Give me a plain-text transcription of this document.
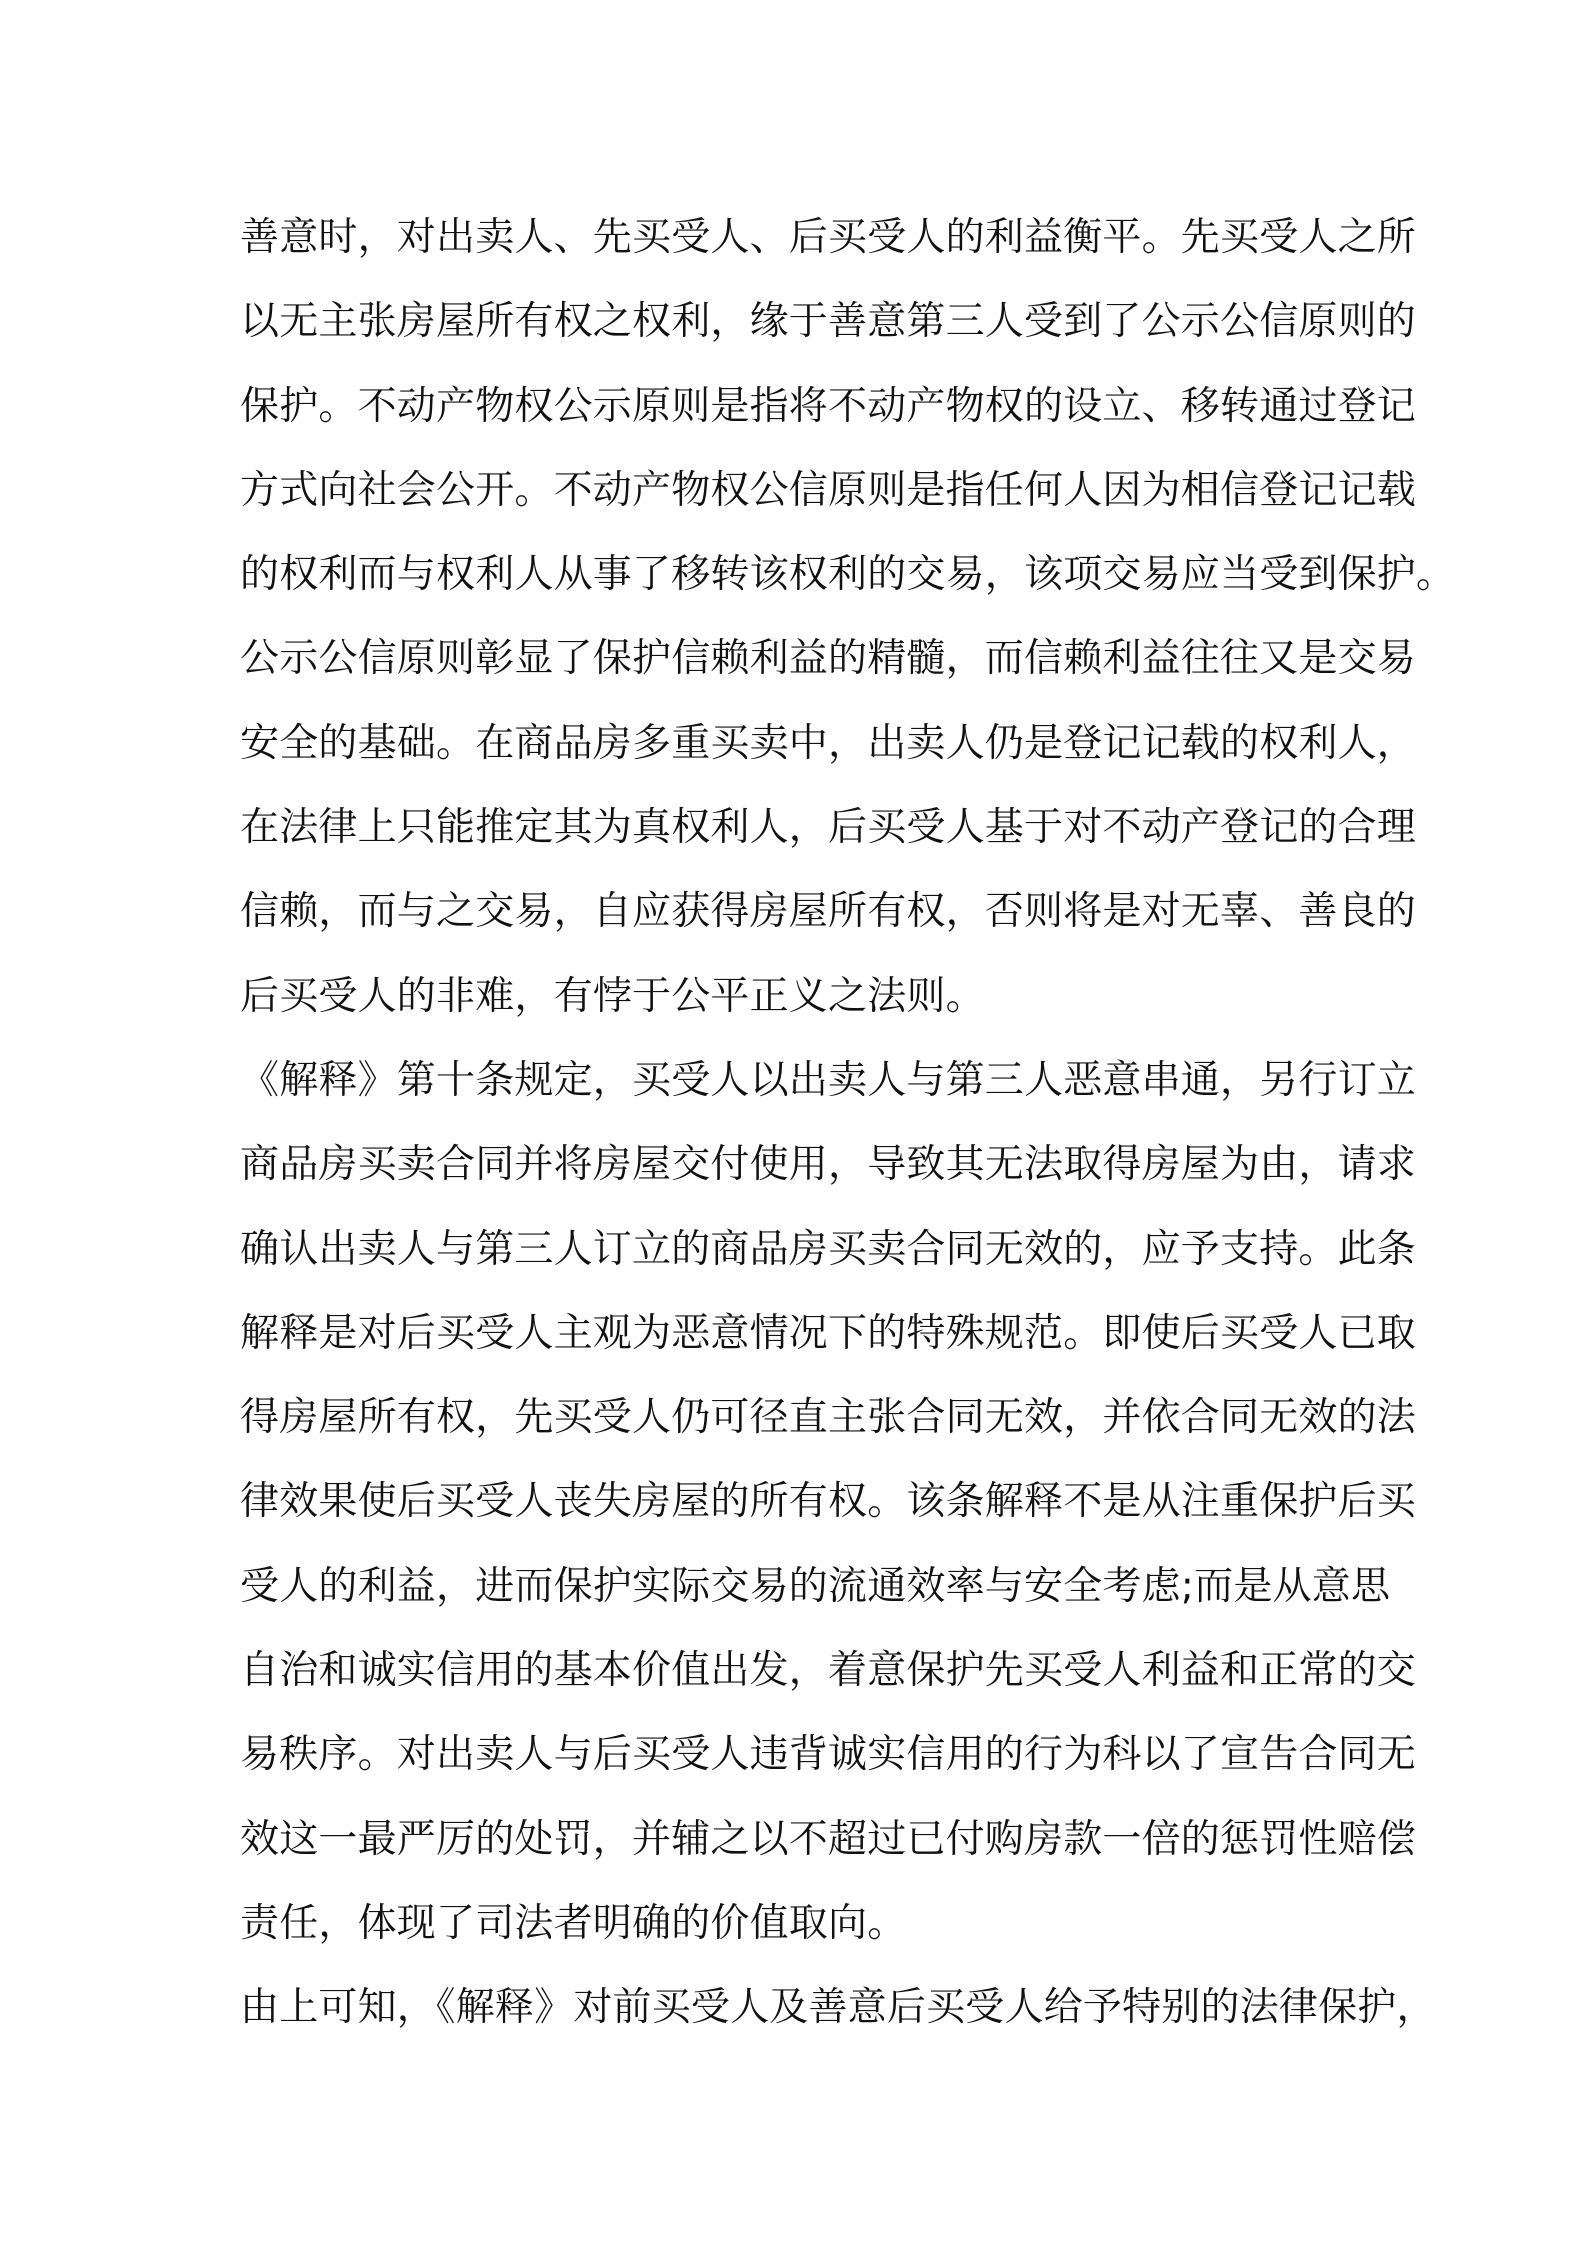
善意时，对出卖人、先买受人、后买受人的利益衡平。先买受人之所
以无主张房屋所有权之权利，缘于善意第三人受到了公示公信原则的
保护。不动产物权公示原则是指将不动产物权的设立、移转通过登记
方式向社会公开。不动产物权公信原则是指任何人因为相信登记记载
的权利而与权利人从事了移转该权利的交易，该项交易应当受到保护。
公示公信原则彰显了保护信赖利益的精髓，而信赖利益往往又是交易
安全的基础。在商品房多重买卖中，出卖人仍是登记记载的权利人，
在法律上只能推定其为真权利人，后买受人基于对不动产登记的合理
信赖，而与之交易，自应获得房屋所有权，否则将是对无辜、善良的
后买受人的非难，有悖于公平正义之法则。
《解释》第十条规定，买受人以出卖人与第三人恶意串通，另行订立
商品房买卖合同并将房屋交付使用，导致其无法取得房屋为由，请求
确认出卖人与第三人订立的商品房买卖合同无效的，应予支持。此条
解释是对后买受人主观为恶意情况下的特殊规范。即使后买受人已取
得房屋所有权，先买受人仍可径直主张合同无效，并依合同无效的法
律效果使后买受人丧失房屋的所有权。该条解释不是从注重保护后买
受人的利益，进而保护实际交易的流通效率与安全考虑;而是从意思
自治和诚实信用的基本价值出发，着意保护先买受人利益和正常的交
易秩序。对出卖人与后买受人违背诚实信用的行为科以了宣告合同无
效这一最严厉的处罚，并辅之以不超过已付购房款一倍的惩罚性赔偿
责任，体现了司法者明确的价值取向。
由上可知，《解释》对前买受人及善意后买受人给予特别的法律保护，
